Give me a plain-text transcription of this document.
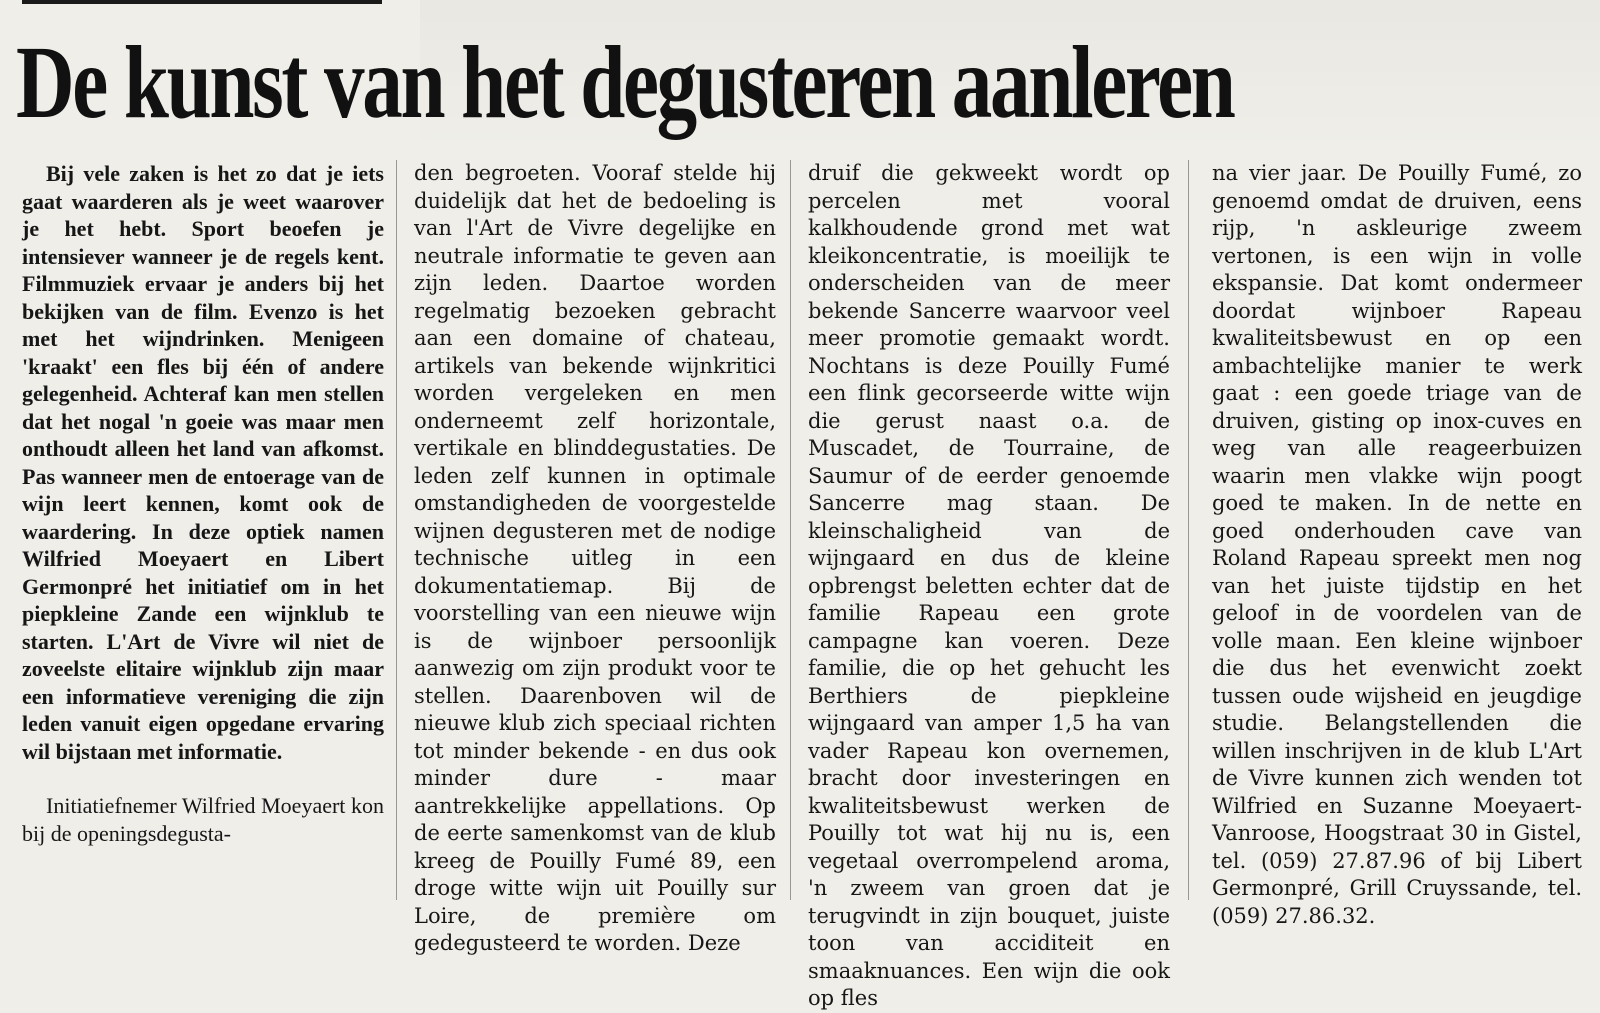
De kunst van het degusteren aanleren

Bij vele zaken is het zo dat je iets gaat waarderen als je weet waarover je het hebt. Sport beoefen je intensiever wanneer je de regels kent. Filmmuziek ervaar je anders bij het bekijken van de film. Evenzo is het met het wijndrinken. Menigeen 'kraakt' een fles bij één of andere gelegenheid. Achteraf kan men stellen dat het nogal 'n goeie was maar men onthoudt alleen het land van afkomst. Pas wanneer men de entoerage van de wijn leert kennen, komt ook de waardering. In deze optiek namen Wilfried Moeyaert en Libert Germonpré het initiatief om in het piepkleine Zande een wijnklub te starten. L'Art de Vivre wil niet de zoveelste elitaire wijnklub zijn maar een informatieve vereniging die zijn leden vanuit eigen opgedane ervaring wil bijstaan met informatie.

Initiatiefnemer Wilfried Moeyaert kon bij de openingsdegusta-

den begroeten. Vooraf stelde hij duidelijk dat het de bedoeling is van l'Art de Vivre degelijke en neutrale informatie te geven aan zijn leden. Daartoe worden regelmatig bezoeken gebracht aan een domaine of chateau, artikels van bekende wijnkritici worden vergeleken en men onderneemt zelf horizontale, vertikale en blinddegustaties. De leden zelf kunnen in optimale omstandigheden de voorgestelde wijnen degusteren met de nodige technische uitleg in een dokumentatiemap. Bij de voorstelling van een nieuwe wijn is de wijnboer persoonlijk aanwezig om zijn produkt voor te stellen. Daarenboven wil de nieuwe klub zich speciaal richten tot minder bekende - en dus ook minder dure - maar aantrekkelijke appellations. Op de eerte samenkomst van de klub kreeg de Pouilly Fumé 89, een droge witte wijn uit Pouilly sur Loire, de première om gedegusteerd te worden. Deze

druif die gekweekt wordt op percelen met vooral kalkhoudende grond met wat kleikoncentratie, is moeilijk te onderscheiden van de meer bekende Sancerre waarvoor veel meer promotie gemaakt wordt. Nochtans is deze Pouilly Fumé een flink gecorseerde witte wijn die gerust naast o.a. de Muscadet, de Tourraine, de Saumur of de eerder genoemde Sancerre mag staan. De kleinschaligheid van de wijngaard en dus de kleine opbrengst beletten echter dat de familie Rapeau een grote campagne kan voeren. Deze familie, die op het gehucht les Berthiers de piepkleine wijngaard van amper 1,5 ha van vader Rapeau kon overnemen, bracht door investeringen en kwaliteitsbewust werken de Pouilly tot wat hij nu is, een vegetaal overrompelend aroma, 'n zweem van groen dat je terugvindt in zijn bouquet, juiste toon van acciditeit en smaaknuances. Een wijn die ook op fles

na vier jaar. De Pouilly Fumé, zo genoemd omdat de druiven, eens rijp, 'n askleurige zweem vertonen, is een wijn in volle ekspansie. Dat komt ondermeer doordat wijnboer Rapeau kwaliteitsbewust en op een ambachtelijke manier te werk gaat : een goede triage van de druiven, gisting op inox-cuves en weg van alle reageerbuizen waarin men vlakke wijn poogt goed te maken. In de nette en goed onderhouden cave van Roland Rapeau spreekt men nog van het juiste tijdstip en het geloof in de voordelen van de volle maan. Een kleine wijnboer die dus het evenwicht zoekt tussen oude wijsheid en jeugdige studie. Belangstellenden die willen inschrijven in de klub L'Art de Vivre kunnen zich wenden tot Wilfried en Suzanne Moeyaert-Vanroose, Hoogstraat 30 in Gistel, tel. (059) 27.87.96 of bij Libert Germonpré, Grill Cruyssande, tel. (059) 27.86.32.
